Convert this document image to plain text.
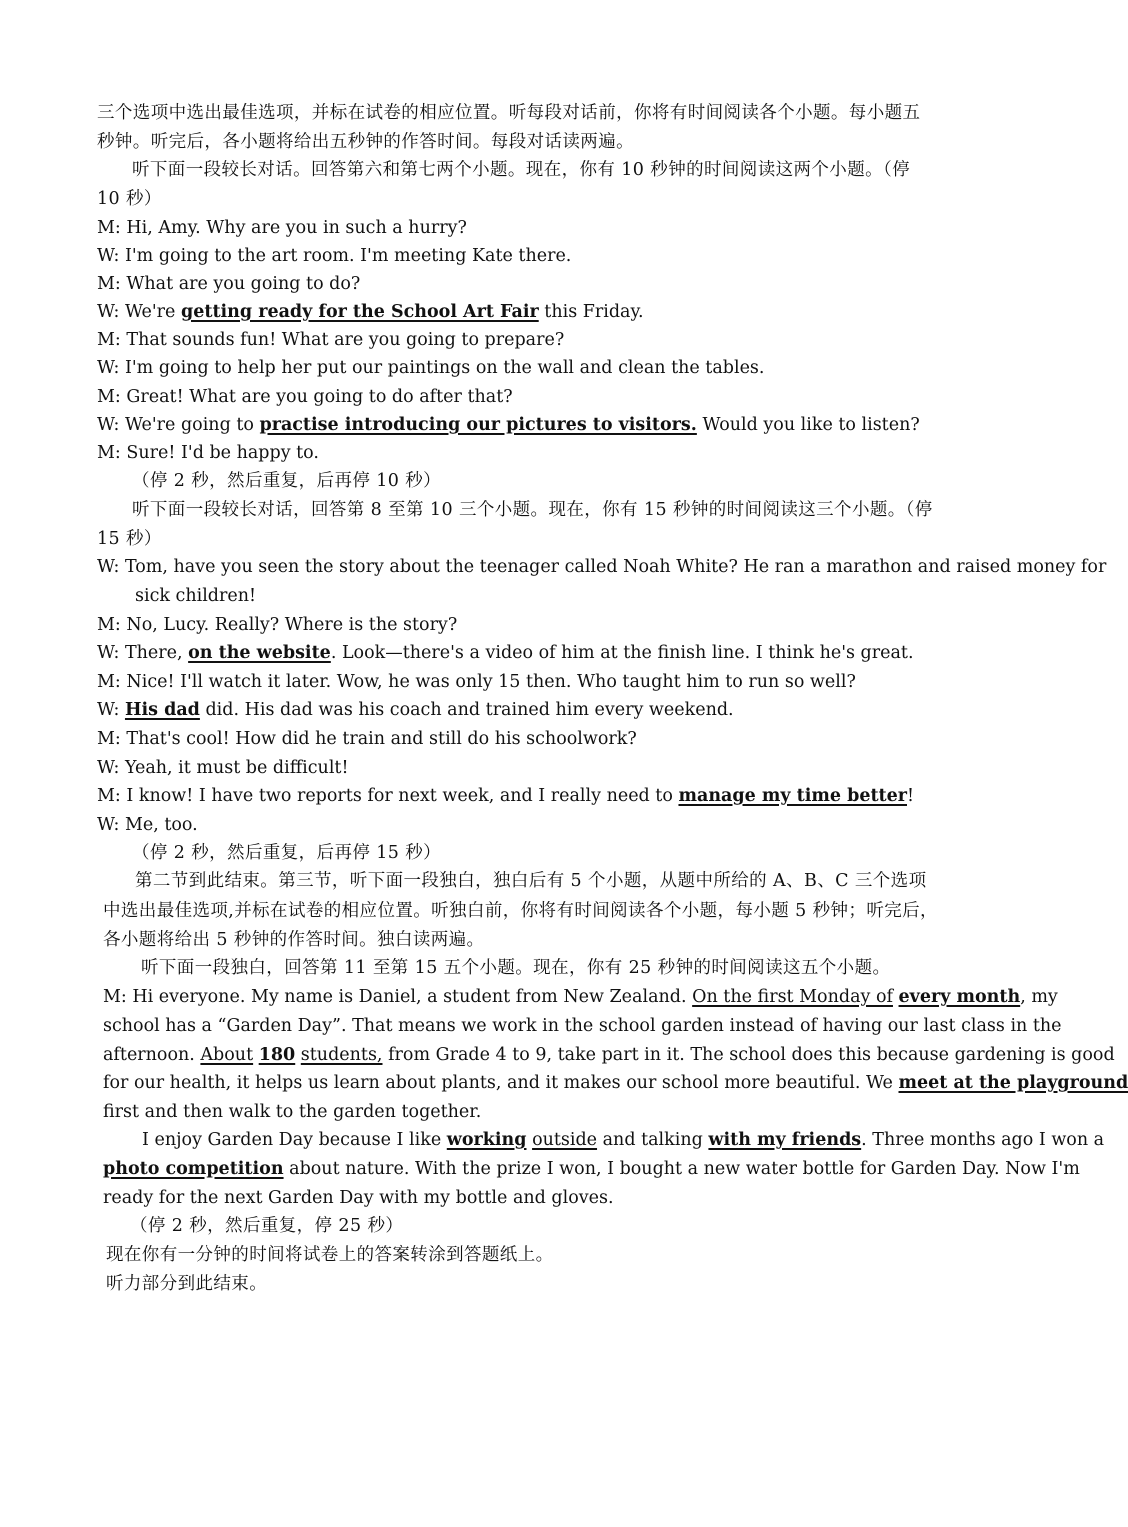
三个选项中选出最佳选项，并标在试卷的相应位置。听每段对话前，你将有时间阅读各个小题。每小题五
秒钟。听完后，各小题将给出五秒钟的作答时间。每段对话读两遍。
听下面一段较长对话。回答第六和第七两个小题。现在，你有 10 秒钟的时间阅读这两个小题。（停
10 秒）
M: Hi, Amy. Why are you in such a hurry?
W: I'm going to the art room. I'm meeting Kate there.
M: What are you going to do?
W: We're getting ready for the School Art Fair this Friday.
M: That sounds fun! What are you going to prepare?
W: I'm going to help her put our paintings on the wall and clean the tables.
M: Great! What are you going to do after that?
W: We're going to practise introducing our pictures to visitors. Would you like to listen?
M: Sure! I'd be happy to.
（停 2 秒，然后重复，后再停 10 秒）
听下面一段较长对话，回答第 8 至第 10 三个小题。现在，你有 15 秒钟的时间阅读这三个小题。（停
15 秒）
W: Tom, have you seen the story about the teenager called Noah White? He ran a marathon and raised money for
sick children!
M: No, Lucy. Really? Where is the story?
W: There, on the website. Look—there's a video of him at the finish line. I think he's great.
M: Nice! I'll watch it later. Wow, he was only 15 then. Who taught him to run so well?
W: His dad did. His dad was his coach and trained him every weekend.
M: That's cool! How did he train and still do his schoolwork?
W: Yeah, it must be difficult!
M: I know! I have two reports for next week, and I really need to manage my time better!
W: Me, too.
（停 2 秒，然后重复，后再停 15 秒）
第二节到此结束。第三节，听下面一段独白，独白后有 5 个小题，从题中所给的 A、B、C 三个选项
中选出最佳选项,并标在试卷的相应位置。听独白前，你将有时间阅读各个小题，每小题 5 秒钟；听完后，
各小题将给出 5 秒钟的作答时间。独白读两遍。
听下面一段独白，回答第 11 至第 15 五个小题。现在，你有 25 秒钟的时间阅读这五个小题。
M: Hi everyone. My name is Daniel, a student from New Zealand. On the first Monday of every month, my
school has a “Garden Day”. That means we work in the school garden instead of having our last class in the
afternoon. About 180 students, from Grade 4 to 9, take part in it. The school does this because gardening is good
for our health, it helps us learn about plants, and it makes our school more beautiful. We meet at the playground
first and then walk to the garden together.
I enjoy Garden Day because I like working outside and talking with my friends. Three months ago I won a
photo competition about nature. With the prize I won, I bought a new water bottle for Garden Day. Now I'm
ready for the next Garden Day with my bottle and gloves.
（停 2 秒，然后重复，停 25 秒）
现在你有一分钟的时间将试卷上的答案转涂到答题纸上。
听力部分到此结束。
